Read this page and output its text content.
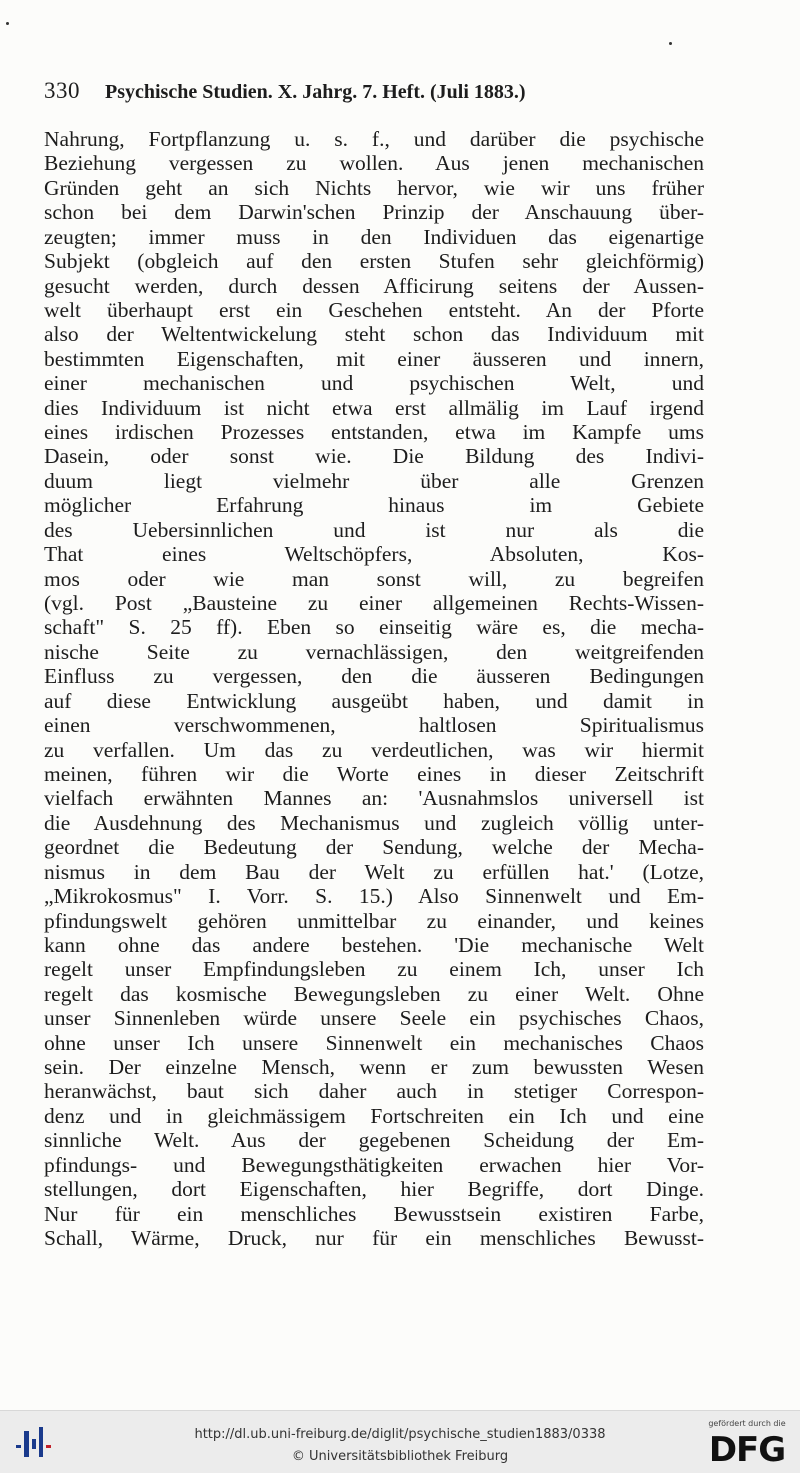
330 Psychische Studien. X. Jahrg. 7. Heft. (Juli 1883.)
Nahrung, Fortpflanzung u. s. f., und darüber die psychische
Beziehung vergessen zu wollen. Aus jenen mechanischen
Gründen geht an sich Nichts hervor, wie wir uns früher
schon bei dem Darwin'schen Prinzip der Anschauung über-
zeugten; immer muss in den Individuen das eigenartige
Subjekt (obgleich auf den ersten Stufen sehr gleichförmig)
gesucht werden, durch dessen Afficirung seitens der Aussen-
welt überhaupt erst ein Geschehen entsteht. An der Pforte
also der Weltentwickelung steht schon das Individuum mit
bestimmten Eigenschaften, mit einer äusseren und innern,
einer mechanischen und psychischen Welt, und
dies Individuum ist nicht etwa erst allmälig im Lauf irgend
eines irdischen Prozesses entstanden, etwa im Kampfe ums
Dasein, oder sonst wie. Die Bildung des Indivi-
duum liegt vielmehr über alle Grenzen
möglicher Erfahrung hinaus im Gebiete
des Uebersinnlichen und ist nur als die
That eines Weltschöpfers, Absoluten, Kos-
mos oder wie man sonst will, zu begreifen
(vgl. Post „Bausteine zu einer allgemeinen Rechts-Wissen-
schaft" S. 25 ff). Eben so einseitig wäre es, die mecha-
nische Seite zu vernachlässigen, den weitgreifenden
Einfluss zu vergessen, den die äusseren Bedingungen
auf diese Entwicklung ausgeübt haben, und damit in
einen verschwommenen, haltlosen Spiritualismus
zu verfallen. Um das zu verdeutlichen, was wir hiermit
meinen, führen wir die Worte eines in dieser Zeitschrift
vielfach erwähnten Mannes an: 'Ausnahmslos universell ist
die Ausdehnung des Mechanismus und zugleich völlig unter-
geordnet die Bedeutung der Sendung, welche der Mecha-
nismus in dem Bau der Welt zu erfüllen hat.' (Lotze,
„Mikrokosmus" I. Vorr. S. 15.) Also Sinnenwelt und Em-
pfindungswelt gehören unmittelbar zu einander, und keines
kann ohne das andere bestehen. 'Die mechanische Welt
regelt unser Empfindungsleben zu einem Ich, unser Ich
regelt das kosmische Bewegungsleben zu einer Welt. Ohne
unser Sinnenleben würde unsere Seele ein psychisches Chaos,
ohne unser Ich unsere Sinnenwelt ein mechanisches Chaos
sein. Der einzelne Mensch, wenn er zum bewussten Wesen
heranwächst, baut sich daher auch in stetiger Correspon-
denz und in gleichmässigem Fortschreiten ein Ich und eine
sinnliche Welt. Aus der gegebenen Scheidung der Em-
pfindungs- und Bewegungsthätigkeiten erwachen hier Vor-
stellungen, dort Eigenschaften, hier Begriffe, dort Dinge.
Nur für ein menschliches Bewusstsein existiren Farbe,
Schall, Wärme, Druck, nur für ein menschliches Bewusst-
http://dl.ub.uni-freiburg.de/diglit/psychische_studien1883/0338
© Universitätsbibliothek Freiburg
gefördert durch die
DFG
